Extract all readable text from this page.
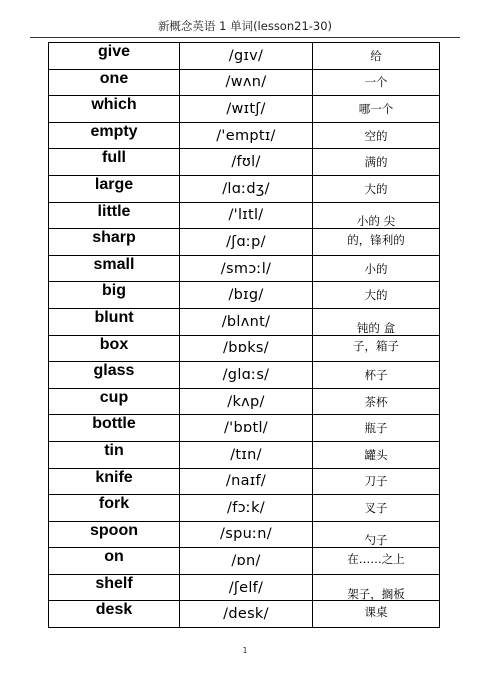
新概念英语 1 单词(lesson21-30)
give	/gɪv/	给
one	/wʌn/	一个
which	/wɪtʃ/	哪一个
empty	/'emptɪ/	空的
full	/fʊl/	满的
large	/lɑːdʒ/	大的
little	/'lɪtl/	小的 尖
sharp	/ʃɑːp/	的，锋利的
small	/smɔːl/	小的
big	/bɪg/	大的
blunt	/blʌnt/	钝的 盒
box	/bɒks/	子，箱子
glass	/glɑːs/	杯子
cup	/kʌp/	茶杯
bottle	/'bɒtl/	瓶子
tin	/tɪn/	罐头
knife	/naɪf/	刀子
fork	/fɔːk/	叉子
spoon	/spuːn/	勺子
on	/ɒn/	在……之上
shelf	/ʃelf/	架子，搁板
desk	/desk/	课桌
1
